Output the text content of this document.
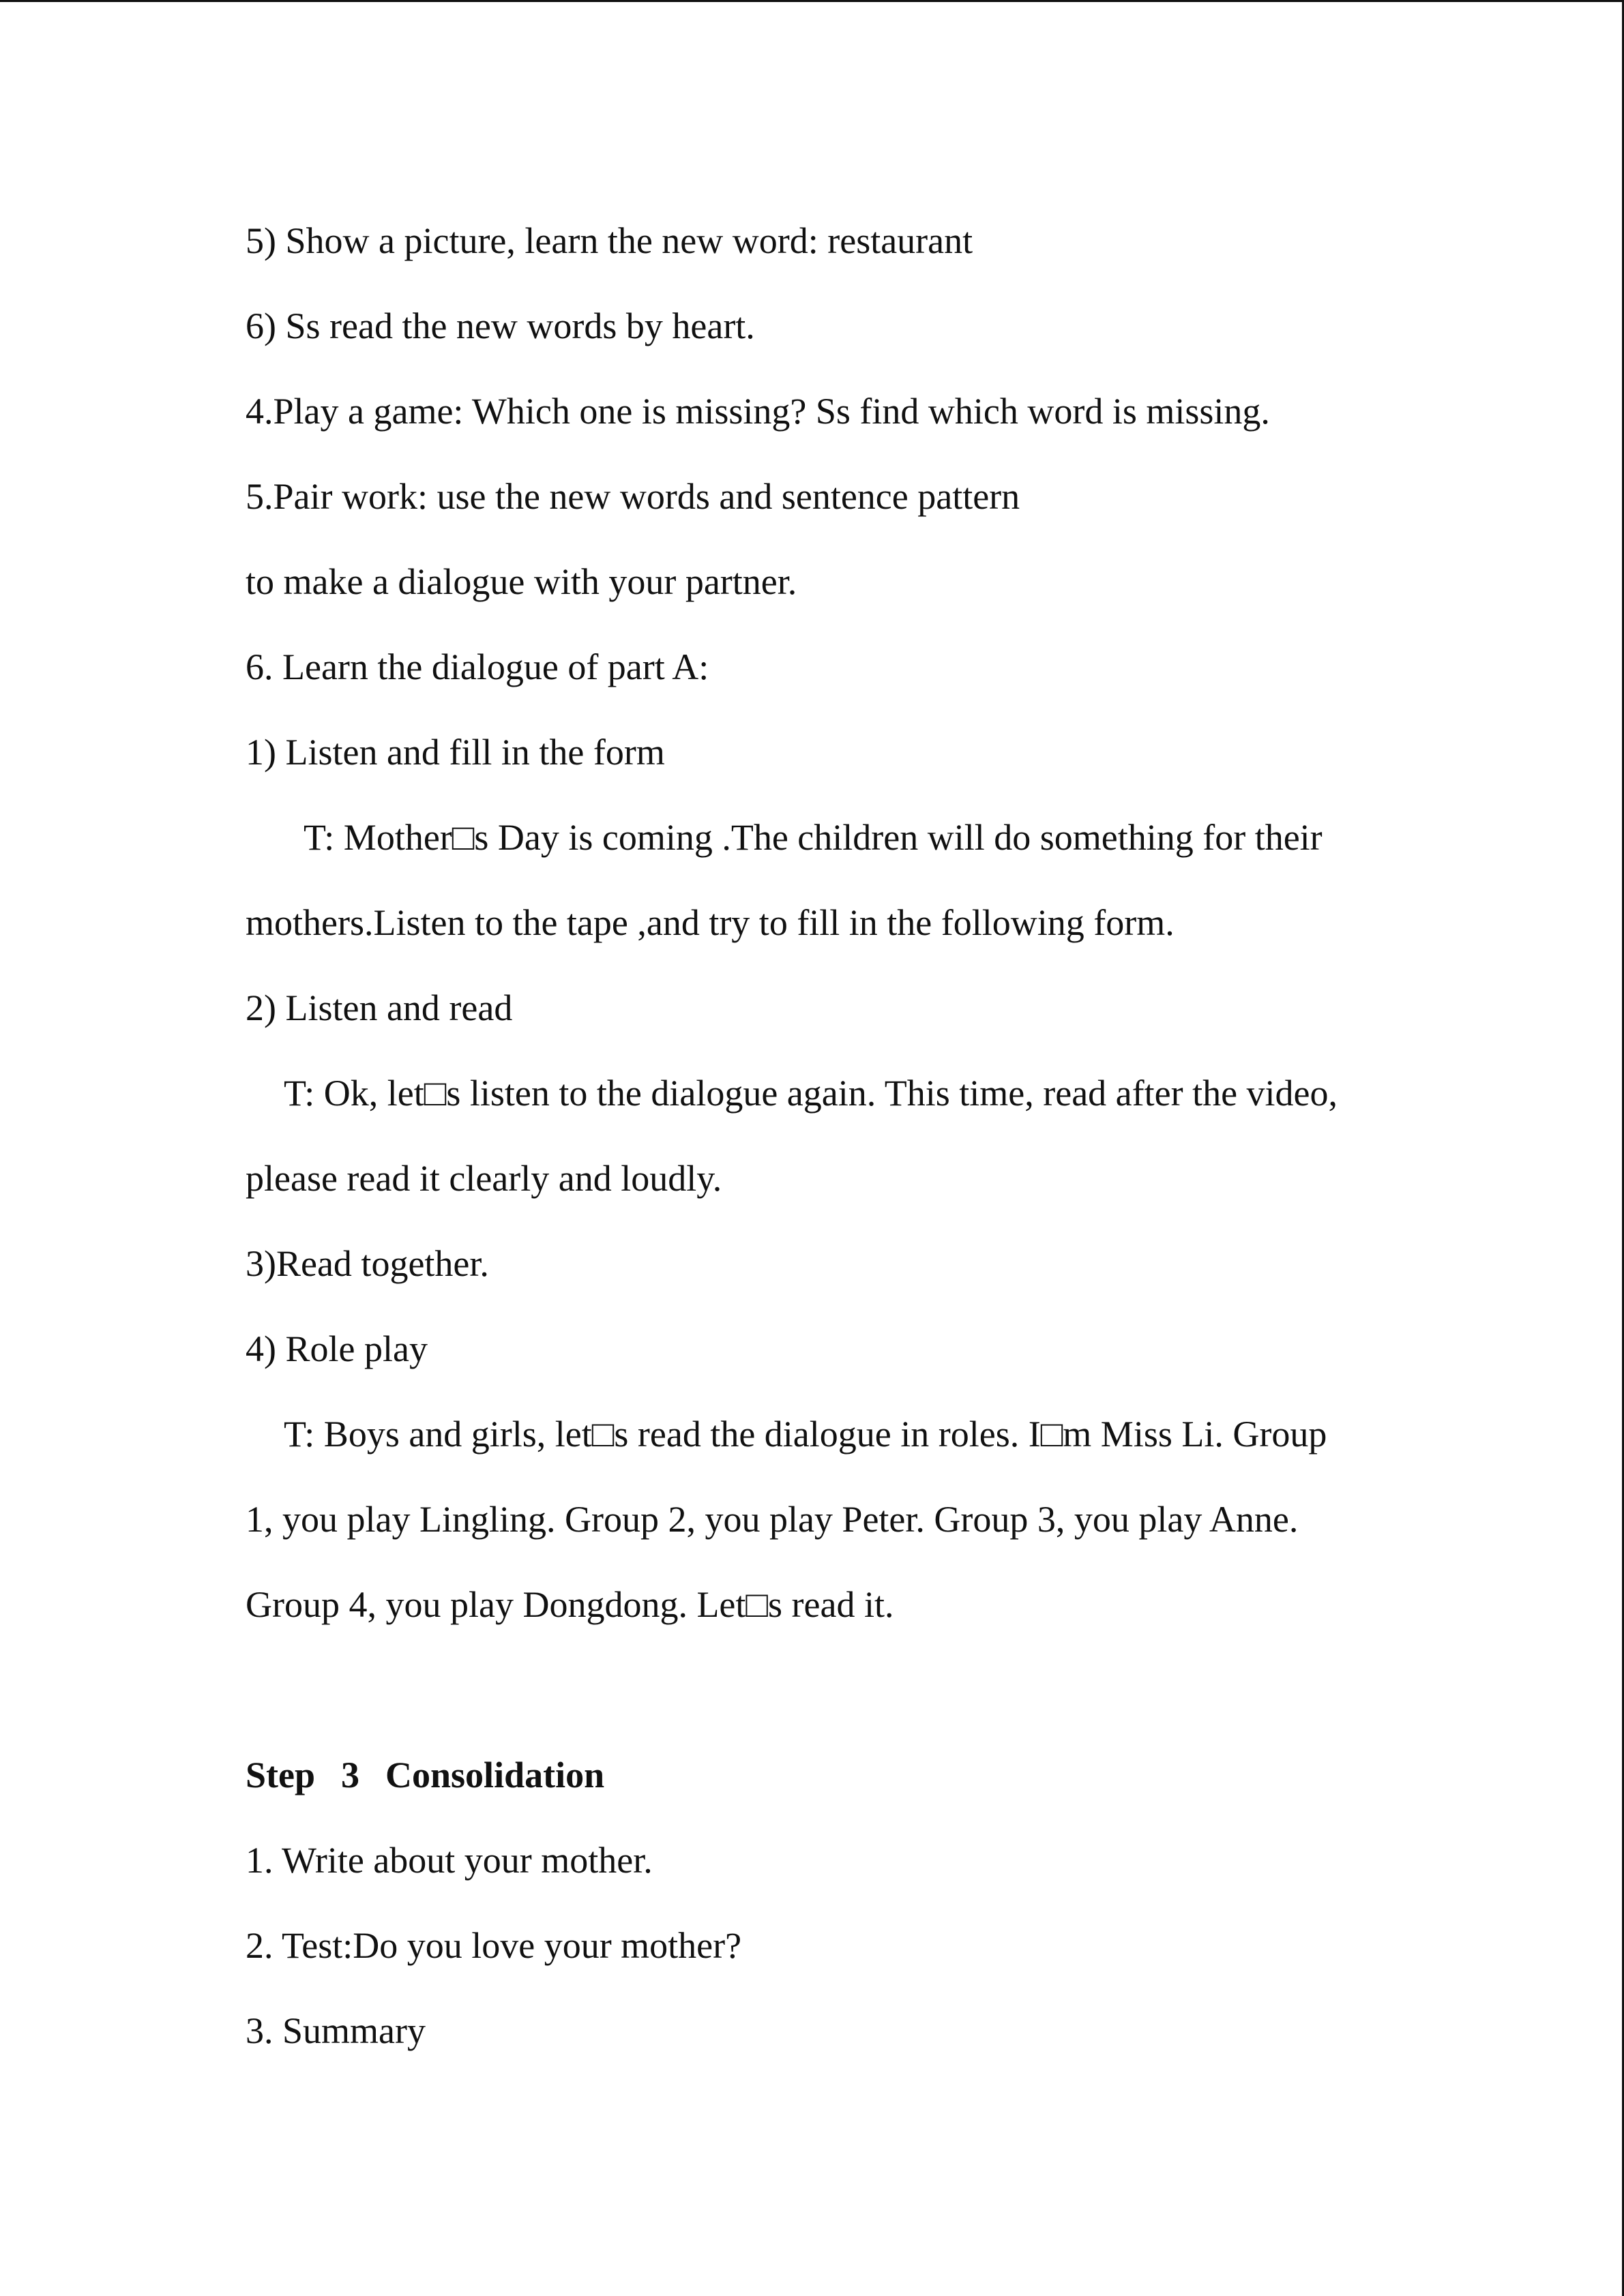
5) Show a picture, learn the new word: restaurant

6) Ss read the new words by heart.

4.Play a game: Which one is missing? Ss find which word is missing.

5.Pair work: use the new words and sentence pattern

to make a dialogue with your partner.

6. Learn the dialogue of part A:

1) Listen and fill in the form

T: Mother□s Day is coming .The children will do something for their

mothers.Listen to the tape ,and try to fill in the following form.

2) Listen and read

T: Ok, let□s listen to the dialogue again. This time, read after the video,

please read it clearly and loudly.

3)Read together.

4) Role play

T: Boys and girls, let□s read the dialogue in roles. I□m Miss Li. Group

1, you play Lingling. Group 2, you play Peter. Group 3, you play Anne.

Group 4, you play Dongdong. Let□s read it.

Step 3 Consolidation

1. Write about your mother.

2. Test:Do you love your mother?

3. Summary
